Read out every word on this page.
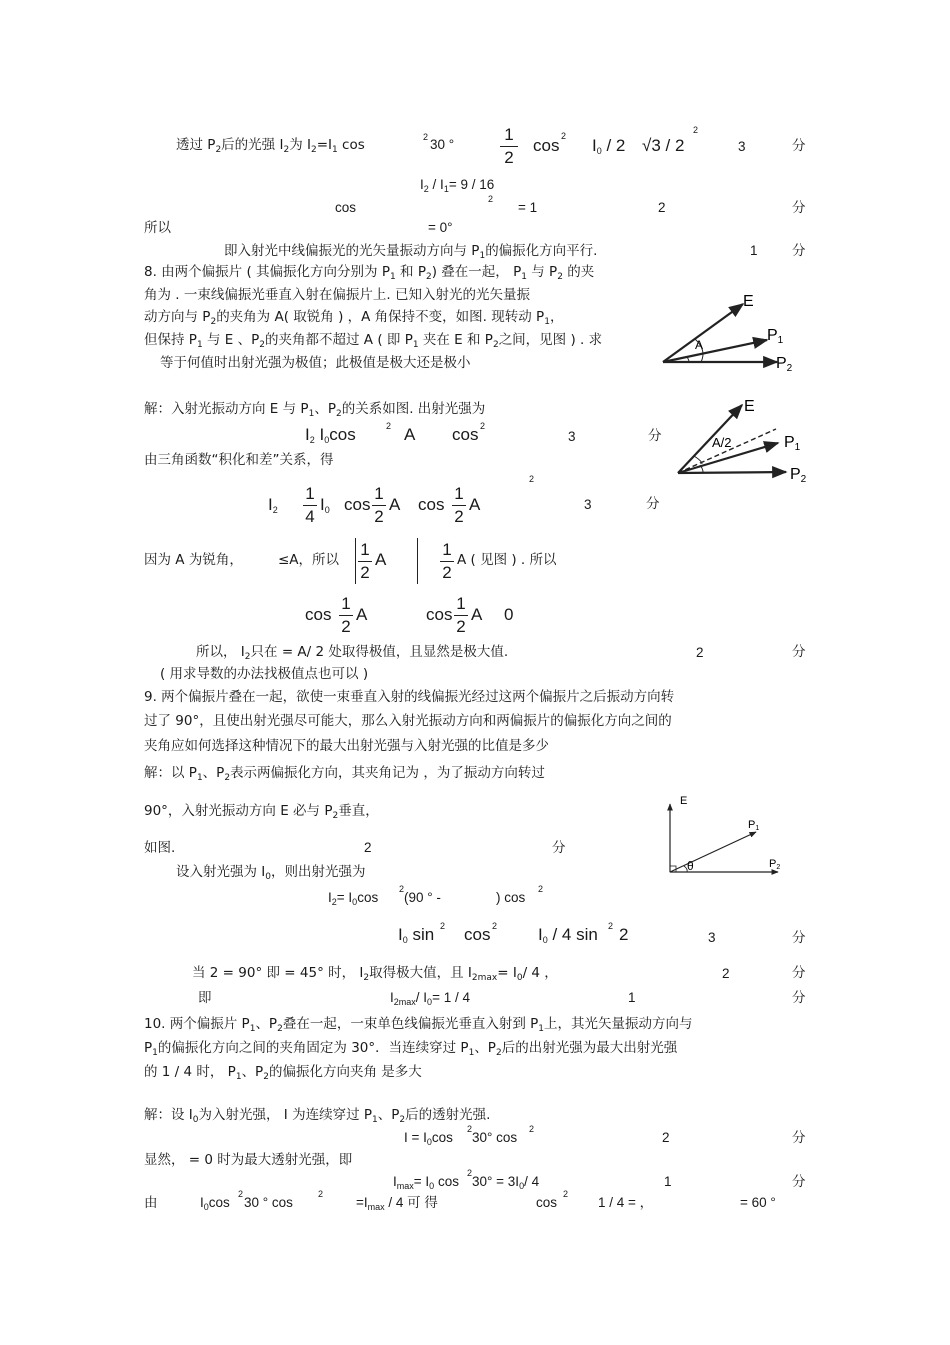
透过 $P_2$后的光强 $I_2$为 $I_2=I_1$ cos	2 30 °
1
2
cos 2 I0 / 2 √3 / 2
2
3	分
$I_2 / I_1= 9 / 16$
cos
2
= 1	2	分
所以	= 0°
即入射光中线偏振光的光矢量振动方向与 $P_1$的偏振化方向平行.	1	分
8. 由两个偏振片 ( 其偏振化方向分别为 $P_1$ 和 $P_2$) 叠在一起， $P_1$ 与 $P_2$ 的夹
角为 . 一束线偏振光垂直入射在偏振片上. 已知入射光的光矢量振
动方向与 $P_2$的夹角为 A( 取锐角 ) ，A 角保持不变，如图. 现转动 $P_1$，
但保持 $P_1$ 与 E 、$P_2$的夹角都不超过 A ( 即 $P_1$ 夹在 E 和 $P_2$之间，见图 ) . 求
等于何值时出射光强为极值；此极值是极大还是极小
E
P1
P2
A
解：入射光振动方向 E 与 $P_1$、$P_2$的关系如图. 出射光强为
I2 I0cos	2 A cos 2
3	分
由三角函数“积化和差”关系，得
E
P1
P2
A/2
I2
1
4
I0 cos
1
2
A cos
1
2
A
2
3	分
因为 A 为锐角，	≤A，所以
1
2
A
1
2
A ( 见图 ) . 所以
cos
1
2
A	cos
1
2
A 0
所以， $I_2$只在 = A/ 2 处取得极值，且显然是极大值.	2	分
( 用求导数的办法找极值点也可以 )
9. 两个偏振片叠在一起，欲使一束垂直入射的线偏振光经过这两个偏振片之后振动方向转
过了 90°，且使出射光强尽可能大，那么入射光振动方向和两偏振片的偏振化方向之间的
夹角应如何选择这种情况下的最大出射光强与入射光强的比值是多少
解：以 $P_1$、$P_2$表示两偏振化方向，其夹角记为 ，为了振动方向转过
90°，入射光振动方向 E 必与 $P_2$垂直，
如图.	2	分
E
P1
P2
θ
设入射光强为 $I_0$，则出射光强为
$I_2= I_0\cos$
2
(90 ° -	) cos
2
I0 sin 2 cos 2 I0 / 4 sin 2 2	3	分
当 2 = 90° 即 = 45° 时， $I_2$取得极大值，且 $I_{2max}= I_0/$ 4 ，	2	分
即	$I_{2max}/$ $I_0= 1 / 4$	1	分
10. 两个偏振片 $P_1$、$P_2$叠在一起，一束单色线偏振光垂直入射到 $P_1$上，其光矢量振动方向与
$P_1$的偏振化方向之间的夹角固定为 30°．当连续穿过 $P_1$、$P_2$后的出射光强为最大出射光强
的 1 / 4 时， $P_1$、$P_2$的偏振化方向夹角 是多大
解：设 $I_0$为入射光强， I 为连续穿过 $P_1$、$P_2$后的透射光强.
$I = I_0\cos$
2
30° cos
2
2	分
显然， = 0 时为最大透射光强，即
$I_{max}= I_0$ cos
2
$30^\circ = 3I_0/$ 4	1	分
由	$I_0\cos$
2
30 ° cos
2
$=I_{max} / 4$ 可 得	cos
2
1 / 4 = ，	= 60 °
